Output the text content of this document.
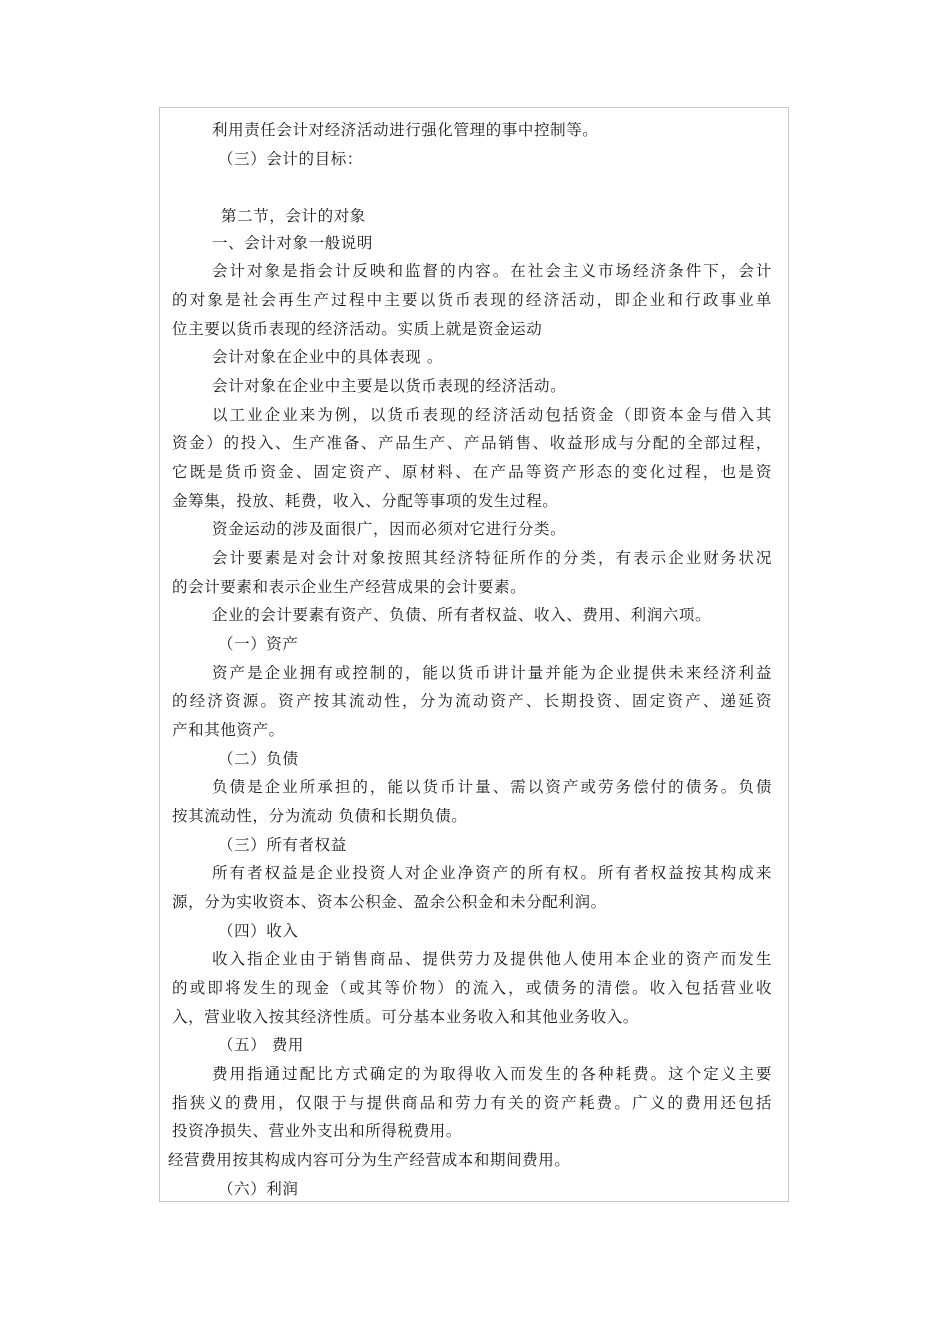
利用责任会计对经济活动进行强化管理的事中控制等。
（三）会计的目标：
第二节，会计的对象
一、会计对象一般说明
会计对象是指会计反映和监督的内容。在社会主义市场经济条件下，会计
的对象是社会再生产过程中主要以货币表现的经济活动，即企业和行政事业单
位主要以货币表现的经济活动。实质上就是资金运动
会计对象在企业中的具体表现 。
会计对象在企业中主要是以货币表现的经济活动。
以工业企业来为例，以货币表现的经济活动包括资金（即资本金与借入其
资金）的投入、生产准备、产品生产、产品销售、收益形成与分配的全部过程，
它既是货币资金、固定资产、原材料、在产品等资产形态的变化过程，也是资
金筹集，投放、耗费，收入、分配等事项的发生过程。
资金运动的涉及面很广，因而必须对它进行分类。
会计要素是对会计对象按照其经济特征所作的分类，有表示企业财务状况
的会计要素和表示企业生产经营成果的会计要素。
企业的会计要素有资产、负债、所有者权益、收入、费用、利润六项。
（一）资产
资产是企业拥有或控制的，能以货币讲计量并能为企业提供未来经济利益
的经济资源。资产按其流动性，分为流动资产、长期投资、固定资产、递延资
产和其他资产。
（二）负债
负债是企业所承担的，能以货币计量、需以资产或劳务偿付的债务。负债
按其流动性，分为流动 负债和长期负债。
（三）所有者权益
所有者权益是企业投资人对企业净资产的所有权。所有者权益按其构成来
源，分为实收资本、资本公积金、盈余公积金和未分配利润。
（四）收入
收入指企业由于销售商品、提供劳力及提供他人使用本企业的资产而发生
的或即将发生的现金（或其等价物）的流入，或债务的清偿。收入包括营业收
入，营业收入按其经济性质。可分基本业务收入和其他业务收入。
（五） 费用
费用指通过配比方式确定的为取得收入而发生的各种耗费。这个定义主要
指狭义的费用，仅限于与提供商品和劳力有关的资产耗费。广义的费用还包括
投资净损失、营业外支出和所得税费用。
经营费用按其构成内容可分为生产经营成本和期间费用。
（六）利润
